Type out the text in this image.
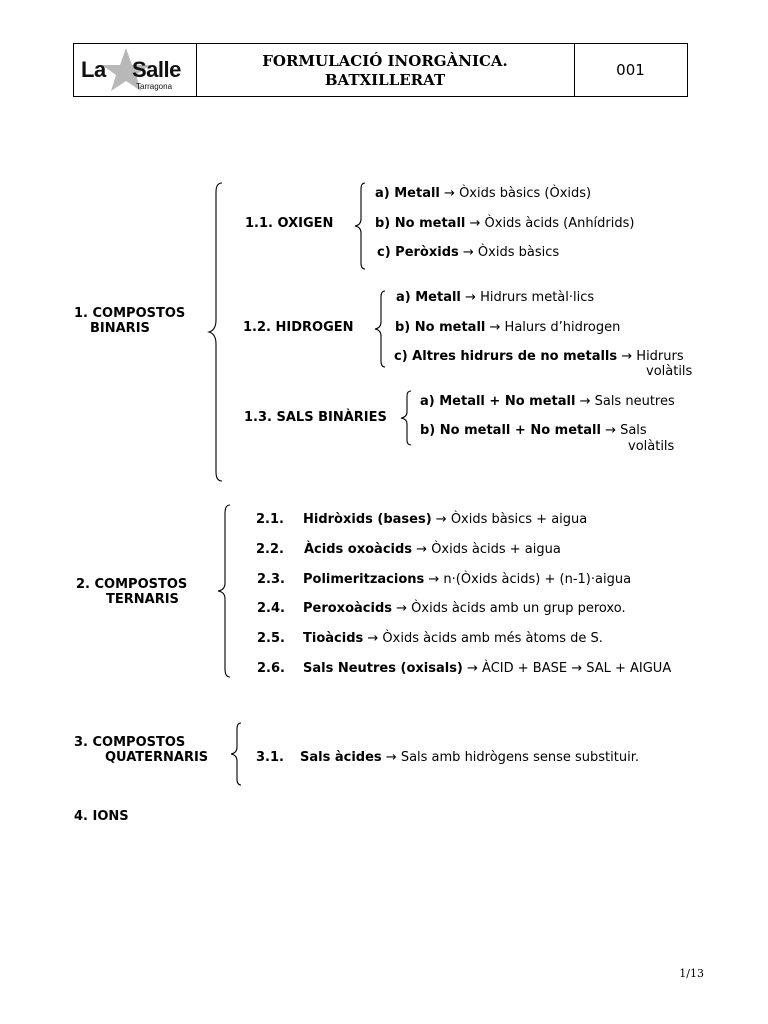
La Salle
Tarragona
FORMULACIÓ INORGÀNICA.
BATXILLERAT
001
1. COMPOSTOS
BINARIS
1.1. OXIGEN
a) Metall → Òxids bàsics (Òxids)
b) No metall → Òxids àcids (Anhídrids)
c) Peròxids → Òxids bàsics
1.2. HIDROGEN
a) Metall → Hidrurs metàl·lics
b) No metall → Halurs d’hidrogen
c) Altres hidrurs de no metalls → Hidrurs
volàtils
1.3. SALS BINÀRIES
a) Metall + No metall → Sals neutres
b) No metall + No metall → Sals
volàtils
2. COMPOSTOS
TERNARIS
2.1. Hidròxids (bases) → Òxids bàsics + aigua
2.2. Àcids oxoàcids → Òxids àcids + aigua
2.3. Polimeritzacions → n·(Òxids àcids) + (n-1)·aigua
2.4. Peroxoàcids → Òxids àcids amb un grup peroxo.
2.5. Tioàcids → Òxids àcids amb més àtoms de S.
2.6. Sals Neutres (oxisals) → ÀCID + BASE → SAL + AIGUA
3. COMPOSTOS
QUATERNARIS	3.1. Sals àcides → Sals amb hidrògens sense substituir.
4. IONS
1/13
